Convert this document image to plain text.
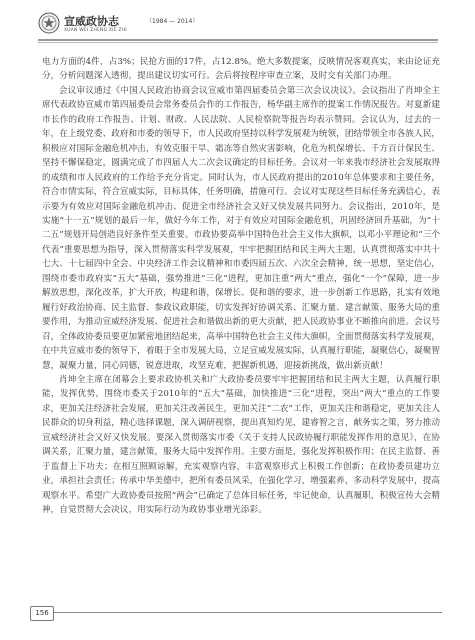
宣威政协志	（1984 — 2014）
XUAN WEI ZHENG XIE ZHI

电力方面的4件，占3%；民抢方面的17件，占12.8%。绝大多数提案，反映情况客观真实，来由论证充分，分析问题深入透彻，提出建议切实可行。会后将按程序审查立案，及时交有关部门办理。

会议审议通过《中国人民政治协商会议宣威市第四届委员会第三次会议决议》。会议指出了肖坤全主席代表政协宣威市第四届委员会常务委员会作的工作报告，杨华副主席作的提案工作情况报告。对夏新建市长作的政府工作报告、计划、财政、人民法院、人民检察院等报告均表示赞同。会议认为，过去的一年，在上级党委、政府和市委的领导下，市人民政府坚持以科学发展观为统领，团结带领全市各族人民，积极应对国际金融危机冲击，有效克服干旱、霜冻等自然灾害影响，化危为机保增长、千方百计保民生、坚持不懈保稳定，圆满完成了市四届人大二次会议确定的目标任务。会议对一年来我市经济社会发展取得的成绩和市人民政府的工作给予充分肯定。同时认为，市人民政府提出的2010年总体要求和主要任务，符合市情实际，符合宣威实际，目标具体，任务明确，措施可行。会议对实现这些目标任务充满信心，表示要为有效应对国际金融危机冲击、促进全市经济社会又好又快发展共同努力。会议指出，2010年，是实施“十一五”规划的最后一年，做好今年工作，对于有效应对国际金融危机，巩固经济回升基础，为“十二五”规划开局创造良好条件至关重要。市政协要高举中国特色社会主义伟大旗帜，以邓小平理论和“三个代表”重要思想为指导，深入贯彻落实科学发展观，牢牢把握团结和民主两大主题，认真贯彻落实中共十七大、十七届四中全会、中央经济工作会议精神和市委四届五次、六次全会精神，统一思想，坚定信心，围绕市委市政府实“五大”基础，强势推进“三化”进程，更加注重“两大”重点，强化“一个”保障，进一步解放思想，深化改革，扩大开放，构建和谐，保增长、促和谐的要求，进一步创新工作思路，扎实有效地履行好政治协商、民主监督、参政议政职能，切实发挥好协调关系、汇聚力量、建言献策、服务大局的重要作用，为推动宣威经济发展、促进社会和谐做出新的更大贡献，把人民政协事业不断推向前进。会议号召，全体政协委员要更加紧密地团结起来，高举中国特色社会主义伟大旗帜，全面贯彻落实科学发展观，在中共宣威市委的领导下，着眼于全市发展大局，立足宣威发展实际，认真履行职能，凝聚信心，凝聚智慧，凝聚力量，同心同德，锐意进取，攻坚克难，把握新机遇，迎接新挑战，做出新贡献！

肖坤全主席在闭幕会上要求政协机关和广大政协委员要牢牢把握团结和民主两大主题，认真履行职能，发挥优势，围绕市委关于2010年的“五大”基础，加快推进“三化”进程，突出“两大”重点的工作要求，更加关注经济社会发展，更加关注改善民生，更加关注“二农”工作，更加关注和谐稳定，更加关注人民群众的切身利益，精心选择课题，深入调研视察，提出真知灼见，建睿智之言，献务实之策，努力推动宣威经济社会又好又快发展。要深入贯彻落实市委《关于支持人民政协履行职能发挥作用的意见》，在协调关系，汇聚力量，建言献策，服务大局中发挥作用。主要方面是，强化发挥积极作用；在民主监督、善于监督上下功夫；在相互照顾谅解，充实观察内容，丰富观察形式上积极工作创新；在政协委员建功立业，承担社会责任；传承中华美德中，把所有委员风采，在强化学习，增强素养，多动科学发展中，提高观察水平。希望广大政协委员按照“两会”已确定了总体目标任务，牢记使命，认真履职，积极宣传大会精神，自觉贯彻大会决议，用实际行动为政协事业增光添彩。

156
